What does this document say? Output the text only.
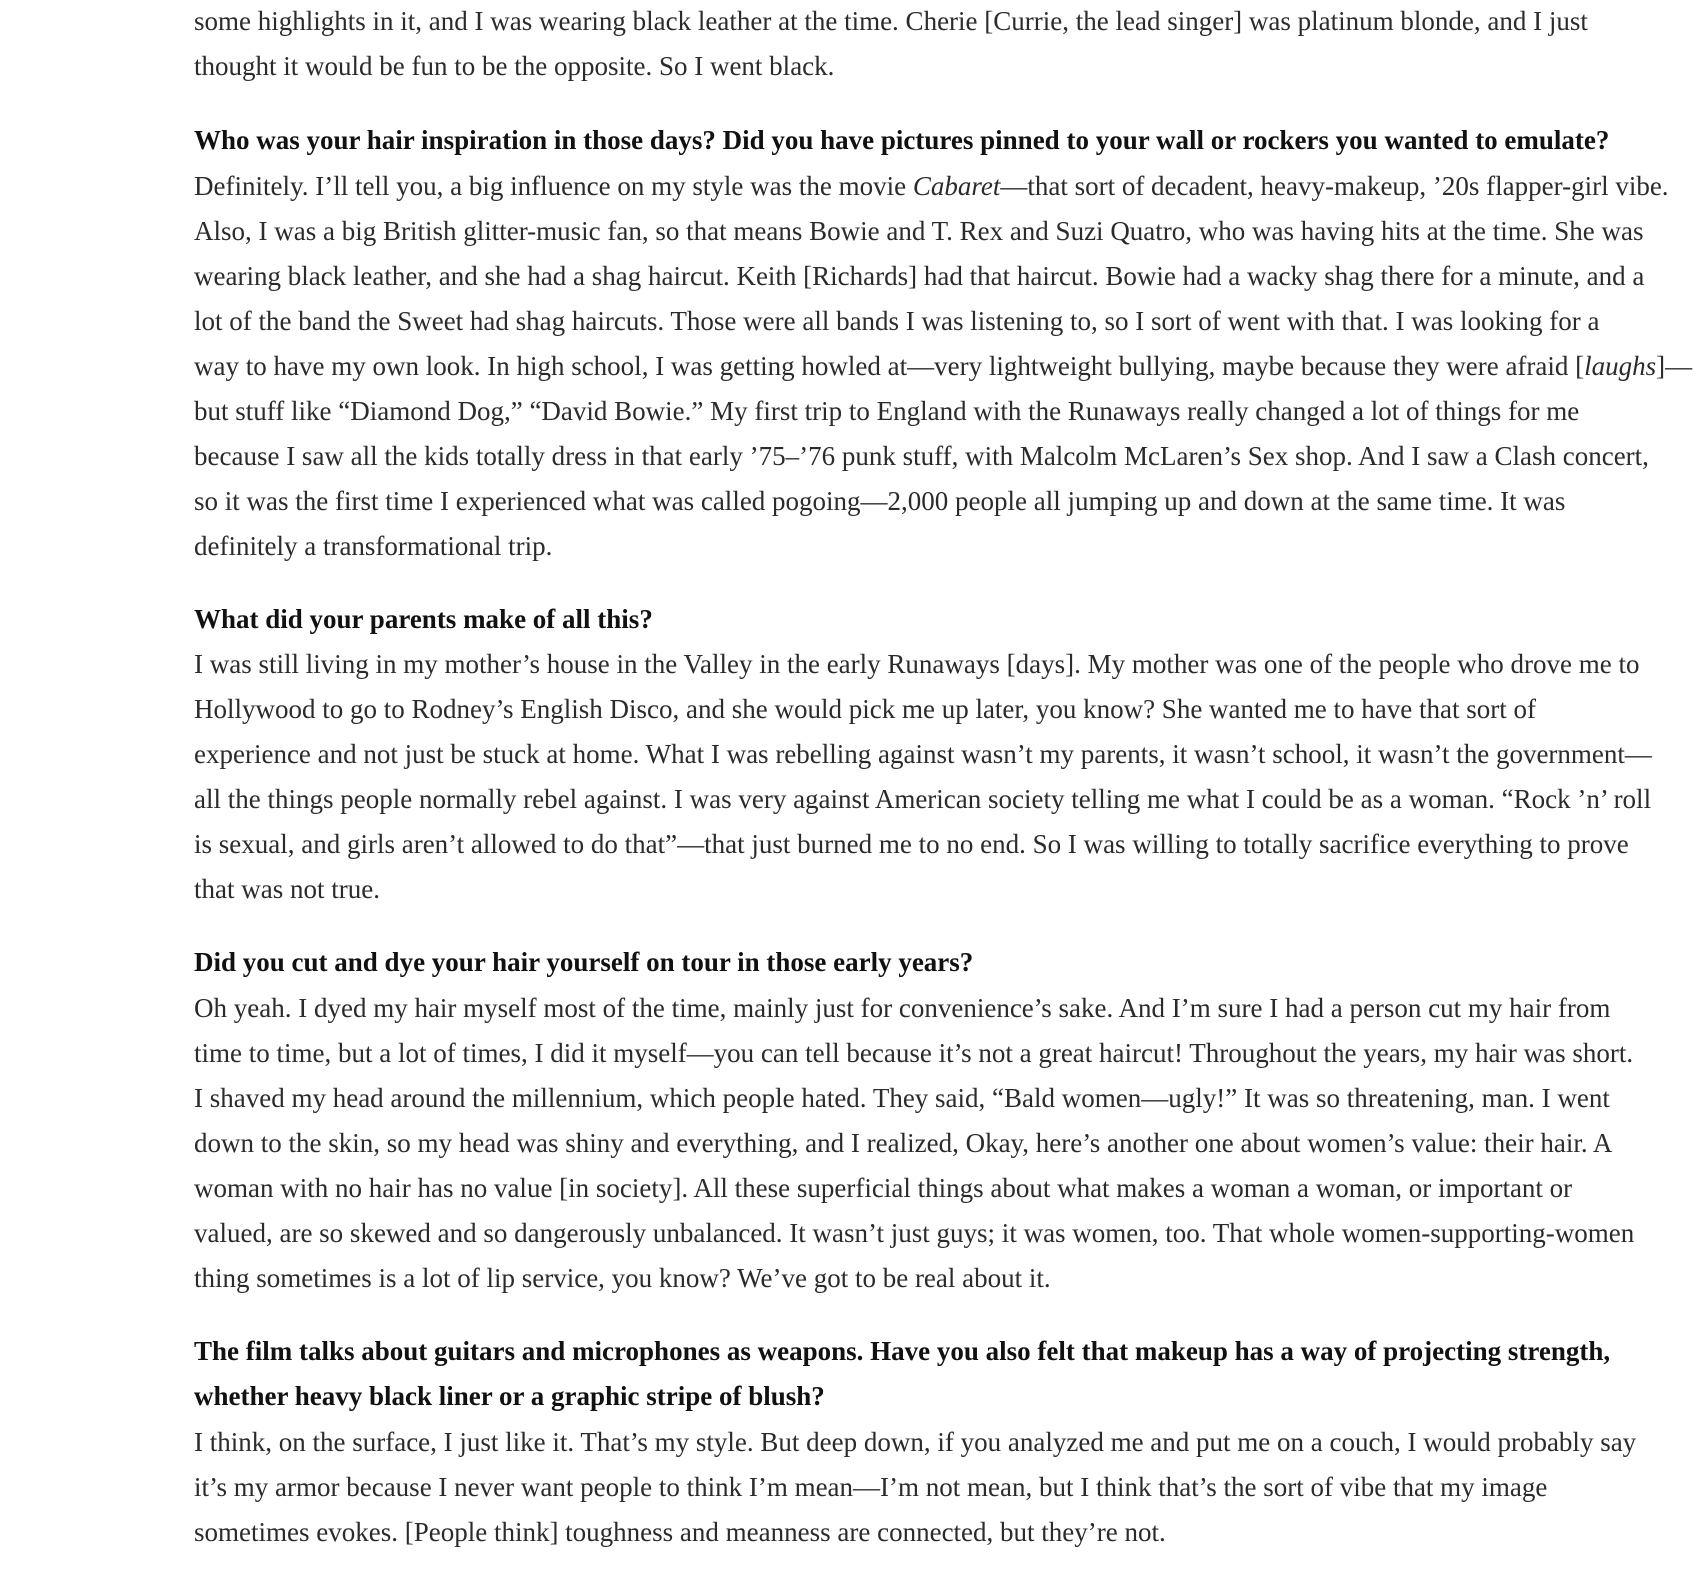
some highlights in it, and I was wearing black leather at the time. Cherie [Currie, the lead singer] was platinum blonde, and I just
thought it would be fun to be the opposite. So I went black.

Who was your hair inspiration in those days? Did you have pictures pinned to your wall or rockers you wanted to emulate?

Definitely. I’ll tell you, a big influence on my style was the movie Cabaret—that sort of decadent, heavy-makeup, ’20s flapper-girl vibe.
Also, I was a big British glitter-music fan, so that means Bowie and T. Rex and Suzi Quatro, who was having hits at the time. She was
wearing black leather, and she had a shag haircut. Keith [Richards] had that haircut. Bowie had a wacky shag there for a minute, and a
lot of the band the Sweet had shag haircuts. Those were all bands I was listening to, so I sort of went with that. I was looking for a
way to have my own look. In high school, I was getting howled at—very lightweight bullying, maybe because they were afraid [laughs]—
but stuff like “Diamond Dog,” “David Bowie.” My first trip to England with the Runaways really changed a lot of things for me
because I saw all the kids totally dress in that early ’75–’76 punk stuff, with Malcolm McLaren’s Sex shop. And I saw a Clash concert,
so it was the first time I experienced what was called pogoing—2,000 people all jumping up and down at the same time. It was
definitely a transformational trip.

What did your parents make of all this?

I was still living in my mother’s house in the Valley in the early Runaways [days]. My mother was one of the people who drove me to
Hollywood to go to Rodney’s English Disco, and she would pick me up later, you know? She wanted me to have that sort of
experience and not just be stuck at home. What I was rebelling against wasn’t my parents, it wasn’t school, it wasn’t the government—
all the things people normally rebel against. I was very against American society telling me what I could be as a woman. “Rock ’n’ roll
is sexual, and girls aren’t allowed to do that”—that just burned me to no end. So I was willing to totally sacrifice everything to prove
that was not true.

Did you cut and dye your hair yourself on tour in those early years?

Oh yeah. I dyed my hair myself most of the time, mainly just for convenience’s sake. And I’m sure I had a person cut my hair from
time to time, but a lot of times, I did it myself—you can tell because it’s not a great haircut! Throughout the years, my hair was short.
I shaved my head around the millennium, which people hated. They said, “Bald women—ugly!” It was so threatening, man. I went
down to the skin, so my head was shiny and everything, and I realized, Okay, here’s another one about women’s value: their hair. A
woman with no hair has no value [in society]. All these superficial things about what makes a woman a woman, or important or
valued, are so skewed and so dangerously unbalanced. It wasn’t just guys; it was women, too. That whole women-supporting-women
thing sometimes is a lot of lip service, you know? We’ve got to be real about it.

The film talks about guitars and microphones as weapons. Have you also felt that makeup has a way of projecting strength,
whether heavy black liner or a graphic stripe of blush?

I think, on the surface, I just like it. That’s my style. But deep down, if you analyzed me and put me on a couch, I would probably say
it’s my armor because I never want people to think I’m mean—I’m not mean, but I think that’s the sort of vibe that my image
sometimes evokes. [People think] toughness and meanness are connected, but they’re not.
